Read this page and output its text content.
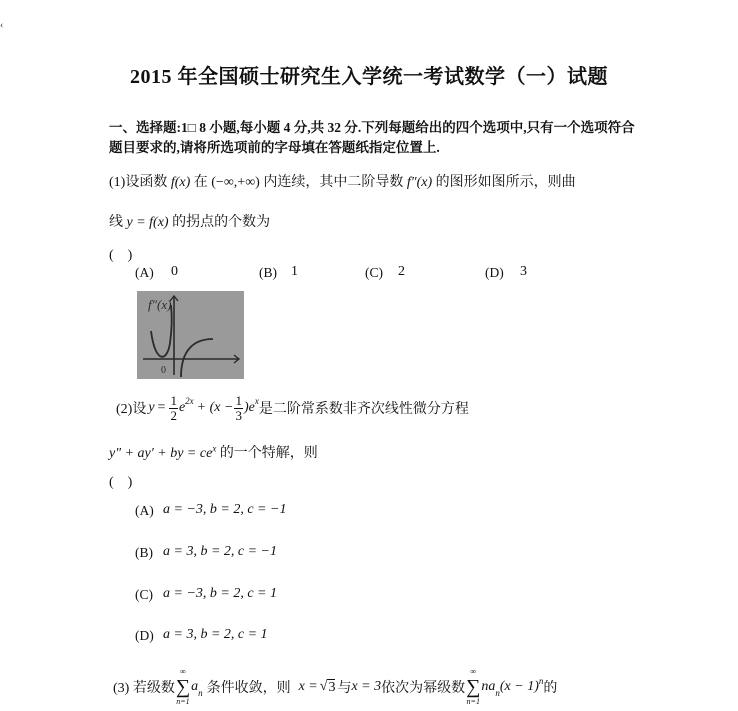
‹
2015 年全国硕士研究生入学统一考试数学（一）试题
一、选择题:1□ 8 小题,每小题 4 分,共 32 分.下列每题给出的四个选项中,只有一个选项符合
题目要求的,请将所选项前的字母填在答题纸指定位置上.
(1)设函数 f(x) 在 (−∞,+∞) 内连续，其中二阶导数 f″(x) 的图形如图所示，则曲
线 y = f(x) 的拐点的个数为
(　)
(A) 0	(B) 1	(C) 2	(D) 3
f″(x)
0
(2)设 $y = \frac{1}{2} e^{2x} + (x - \frac{1}{3} )e^x$
是二阶常系数非齐次线性微分方程
y″ + ay′ + by = $ce^x$ 的一个特解，则
(　)
(A) a = −3, b = 2, c = −1
(B) a = 3, b = 2, c = −1
(C) a = −3, b = 2, c = 1
(D) a = 3, b = 2, c = 1
(3) 若级数
∞
∑
n=1
$a_n$ 条件收敛，则 x = √ 3 与 x = 3 依次为幂级数
∞
∑
n=1
$na_n$ $(x - 1)^n$ 的
